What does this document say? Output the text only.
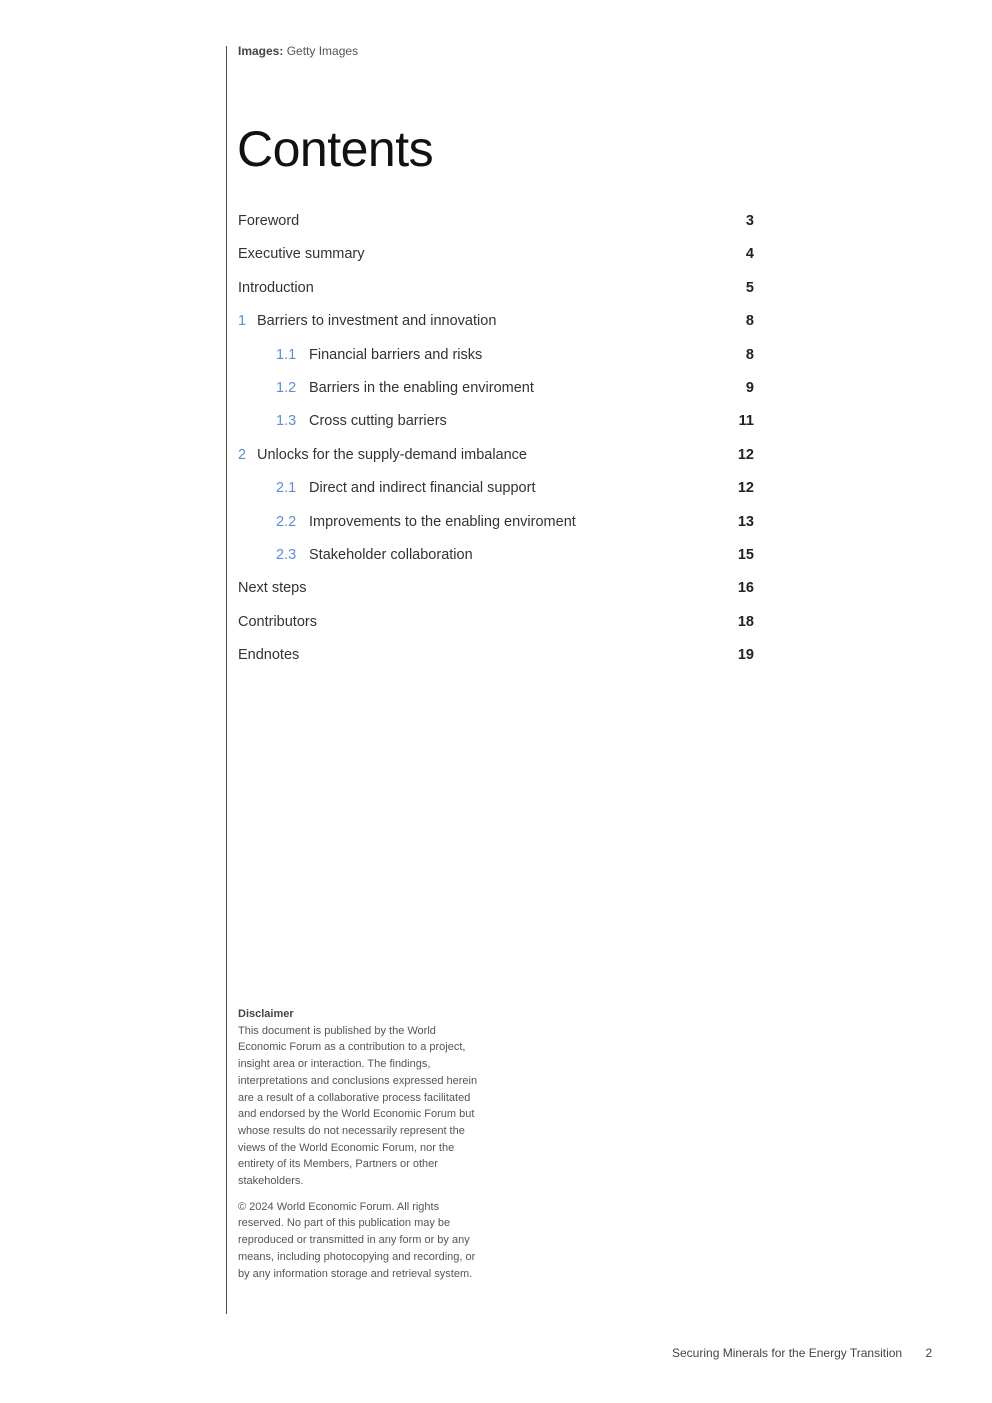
Images: Getty Images
Contents
Foreword	3
Executive summary	4
Introduction	5
1 Barriers to investment and innovation	8
1.1 Financial barriers and risks	8
1.2 Barriers in the enabling enviroment	9
1.3 Cross cutting barriers	11
2 Unlocks for the supply-demand imbalance	12
2.1 Direct and indirect financial support	12
2.2 Improvements to the enabling enviroment	13
2.3 Stakeholder collaboration	15
Next steps	16
Contributors	18
Endnotes	19
Disclaimer

This document is published by the World Economic Forum as a contribution to a project, insight area or interaction. The findings, interpretations and conclusions expressed herein are a result of a collaborative process facilitated and endorsed by the World Economic Forum but whose results do not necessarily represent the views of the World Economic Forum, nor the entirety of its Members, Partners or other stakeholders.

© 2024 World Economic Forum. All rights reserved. No part of this publication may be reproduced or transmitted in any form or by any means, including photocopying and recording, or by any information storage and retrieval system.

Securing Minerals for the Energy Transition 2
